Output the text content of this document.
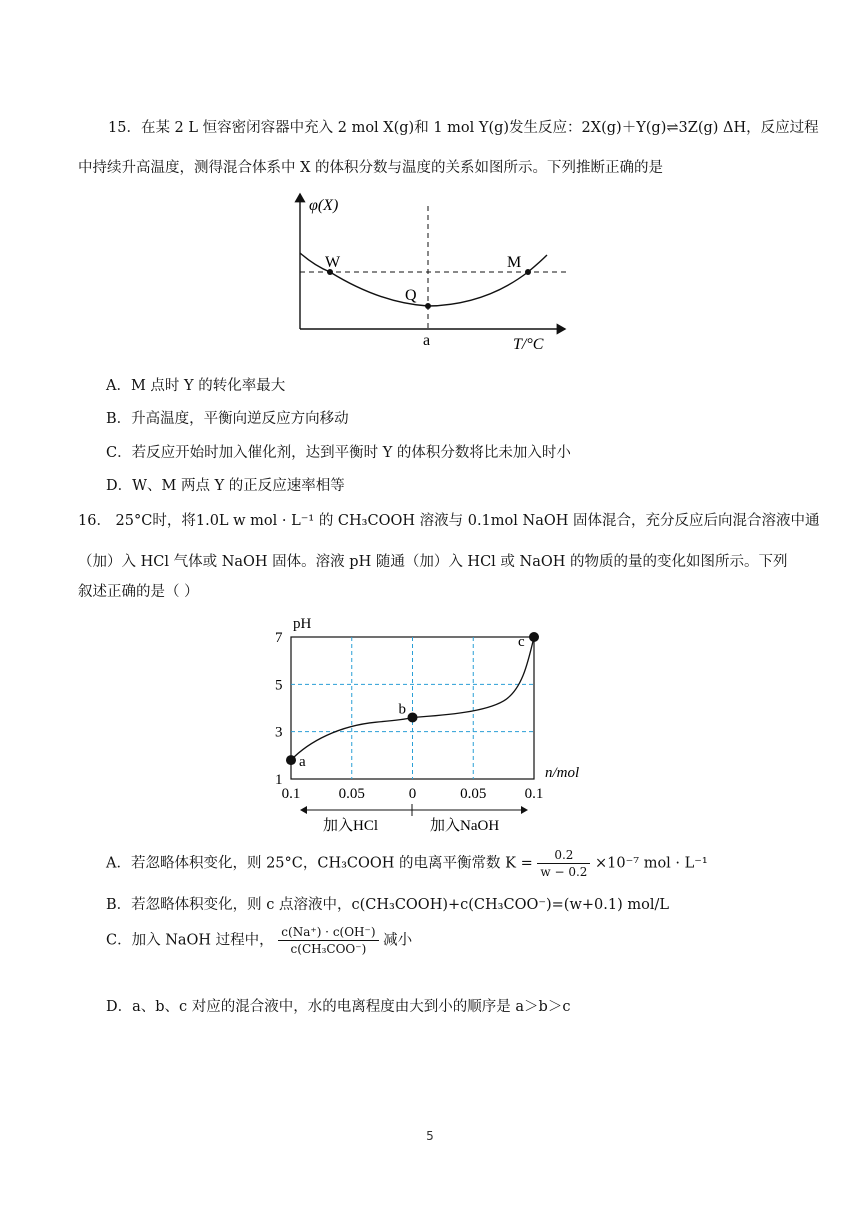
15．在某 2 L 恒容密闭容器中充入 2 mol X(g)和 1 mol Y(g)发生反应：2X(g)＋Y(g)⇌3Z(g) ΔH，反应过程
中持续升高温度，测得混合体系中 X 的体积分数与温度的关系如图所示。下列推断正确的是
φ(X)
T/°C
W
Q
M
a
A．M 点时 Y 的转化率最大
B．升高温度，平衡向逆反应方向移动
C．若反应开始时加入催化剂，达到平衡时 Y 的体积分数将比未加入时小
D．W、M 两点 Y 的正反应速率相等
16． 25°C时，将1.0L w mol · L⁻¹ 的 CH₃COOH 溶液与 0.1mol NaOH 固体混合，充分反应后向混合溶液中通
（加）入 HCl 气体或 NaOH 固体。溶液 pH 随通（加）入 HCl 或 NaOH 的物质的量的变化如图所示。下列
叙述正确的是（ ）
7
5
3
1
0.1	0.05	0	0.05	0.1
pH
n/mol
a
b
c
加入HCl	加入NaOH
A．若忽略体积变化，则 25°C，CH₃COOH 的电离平衡常数 $K = \frac{0.2}{w - 0.2} \times 10^{-7}$ mol · L⁻¹
B．若忽略体积变化，则 c 点溶液中，c(CH₃COOH)+c(CH₃COO⁻)=(w+0.1) mol/L
C．加入 NaOH 过程中， $\frac{c(Na^+) \cdot c(OH^-)}{\text{c(CH₃COO⁻)}}$ 减小
D．a、b、c 对应的混合液中，水的电离程度由大到小的顺序是 a＞b＞c
5
